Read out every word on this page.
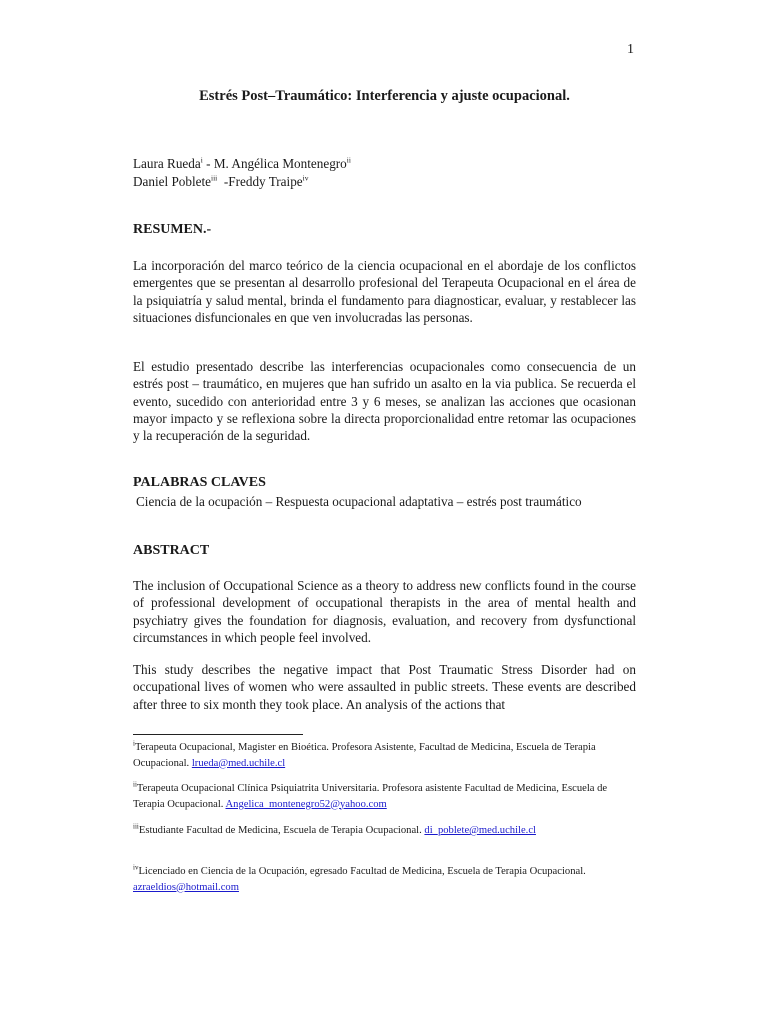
1
Estrés Post–Traumático: Interferencia y ajuste ocupacional.
Laura Rueda$^i$ - M. Angélica Montenegro$^{ii}$
Daniel Poblete$^{iii}$  -Freddy Traipe$^{iv}$
RESUMEN.-

La incorporación del marco teórico de la ciencia ocupacional en el abordaje de los conflictos emergentes que se presentan al desarrollo profesional del Terapeuta Ocupacional en el área de la psiquiatría y salud mental, brinda el fundamento para diagnosticar, evaluar, y restablecer las situaciones disfuncionales en que ven involucradas las personas.

El estudio presentado describe las interferencias ocupacionales como consecuencia de un estrés post – traumático, en mujeres que han sufrido un asalto en la via publica. Se recuerda el evento, sucedido con anterioridad entre 3 y 6 meses, se analizan las acciones que ocasionan mayor impacto y se reflexiona sobre la directa proporcionalidad entre retomar las ocupaciones y la recuperación de la seguridad.

PALABRAS CLAVES
Ciencia de la ocupación – Respuesta ocupacional adaptativa – estrés post traumático
ABSTRACT

The inclusion of Occupational Science as a theory to address new conflicts found in the course of professional development of occupational therapists in the area of mental health and psychiatry gives the foundation for diagnosis, evaluation, and recovery from dysfunctional circumstances in which people feel involved.

This study describes the negative impact that Post Traumatic Stress Disorder had on occupational lives of women who were assaulted in public streets. These events are described after three to six month they took place. An analysis of the actions that

$^i$Terapeuta Ocupacional, Magister en Bioética. Profesora Asistente, Facultad de Medicina, Escuela de Terapia Ocupacional. lrueda@med.uchile.cl

$^{ii}$Terapeuta Ocupacional Clínica Psiquiatrita Universitaria. Profesora asistente Facultad de Medicina, Escuela de Terapia Ocupacional. Angelica_montenegro52@yahoo.com

$^{iii}$Estudiante Facultad de Medicina, Escuela de Terapia Ocupacional. di_poblete@med.uchile.cl

$^{iv}$Licenciado en Ciencia de la Ocupación, egresado Facultad de Medicina, Escuela de Terapia Ocupacional. azraeldios@hotmail.com
